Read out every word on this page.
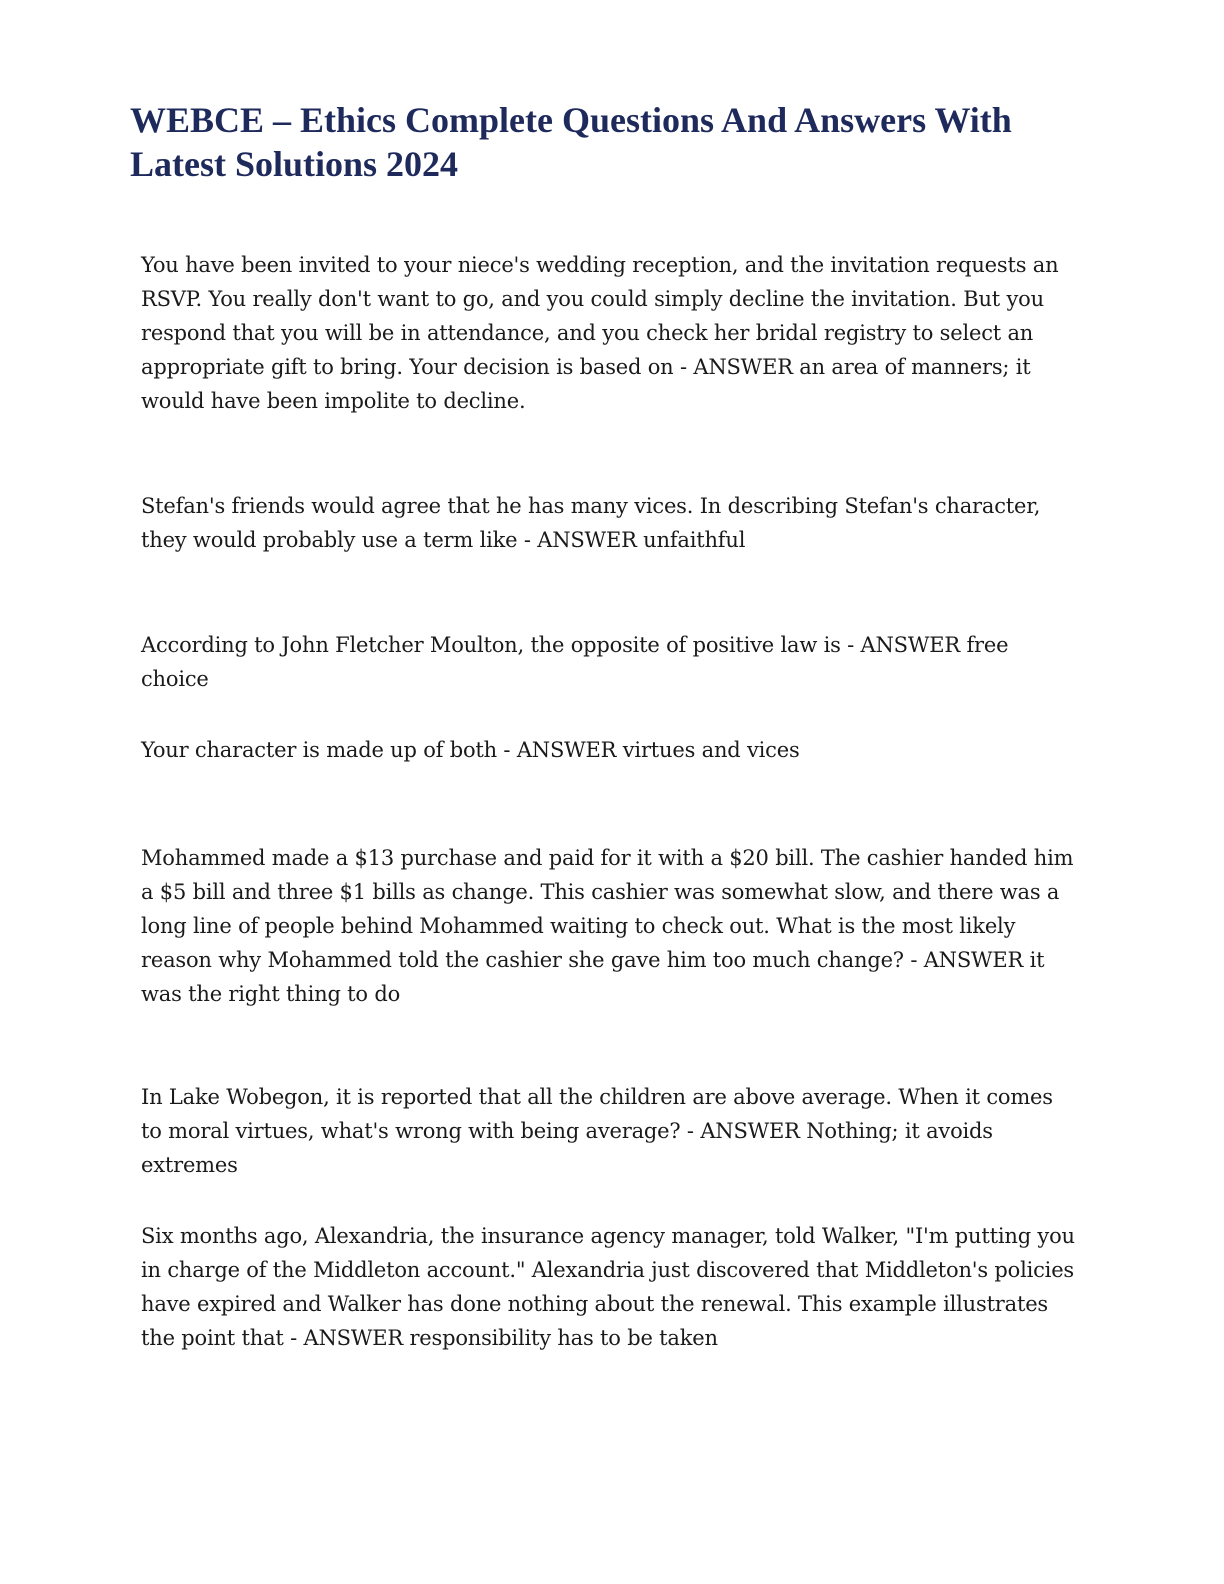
WEBCE – Ethics Complete Questions And Answers With Latest Solutions 2024

You have been invited to your niece's wedding reception, and the invitation requests an RSVP. You really don't want to go, and you could simply decline the invitation. But you respond that you will be in attendance, and you check her bridal registry to select an appropriate gift to bring. Your decision is based on - ANSWER an area of manners; it would have been impolite to decline.

Stefan's friends would agree that he has many vices. In describing Stefan's character, they would probably use a term like - ANSWER unfaithful

According to John Fletcher Moulton, the opposite of positive law is - ANSWER free choice

Your character is made up of both - ANSWER virtues and vices

Mohammed made a $13 purchase and paid for it with a $20 bill. The cashier handed him a $5 bill and three $1 bills as change. This cashier was somewhat slow, and there was a long line of people behind Mohammed waiting to check out. What is the most likely reason why Mohammed told the cashier she gave him too much change? - ANSWER it was the right thing to do

In Lake Wobegon, it is reported that all the children are above average. When it comes to moral virtues, what's wrong with being average? - ANSWER Nothing; it avoids extremes

Six months ago, Alexandria, the insurance agency manager, told Walker, "I'm putting you in charge of the Middleton account." Alexandria just discovered that Middleton's policies have expired and Walker has done nothing about the renewal. This example illustrates the point that - ANSWER responsibility has to be taken
